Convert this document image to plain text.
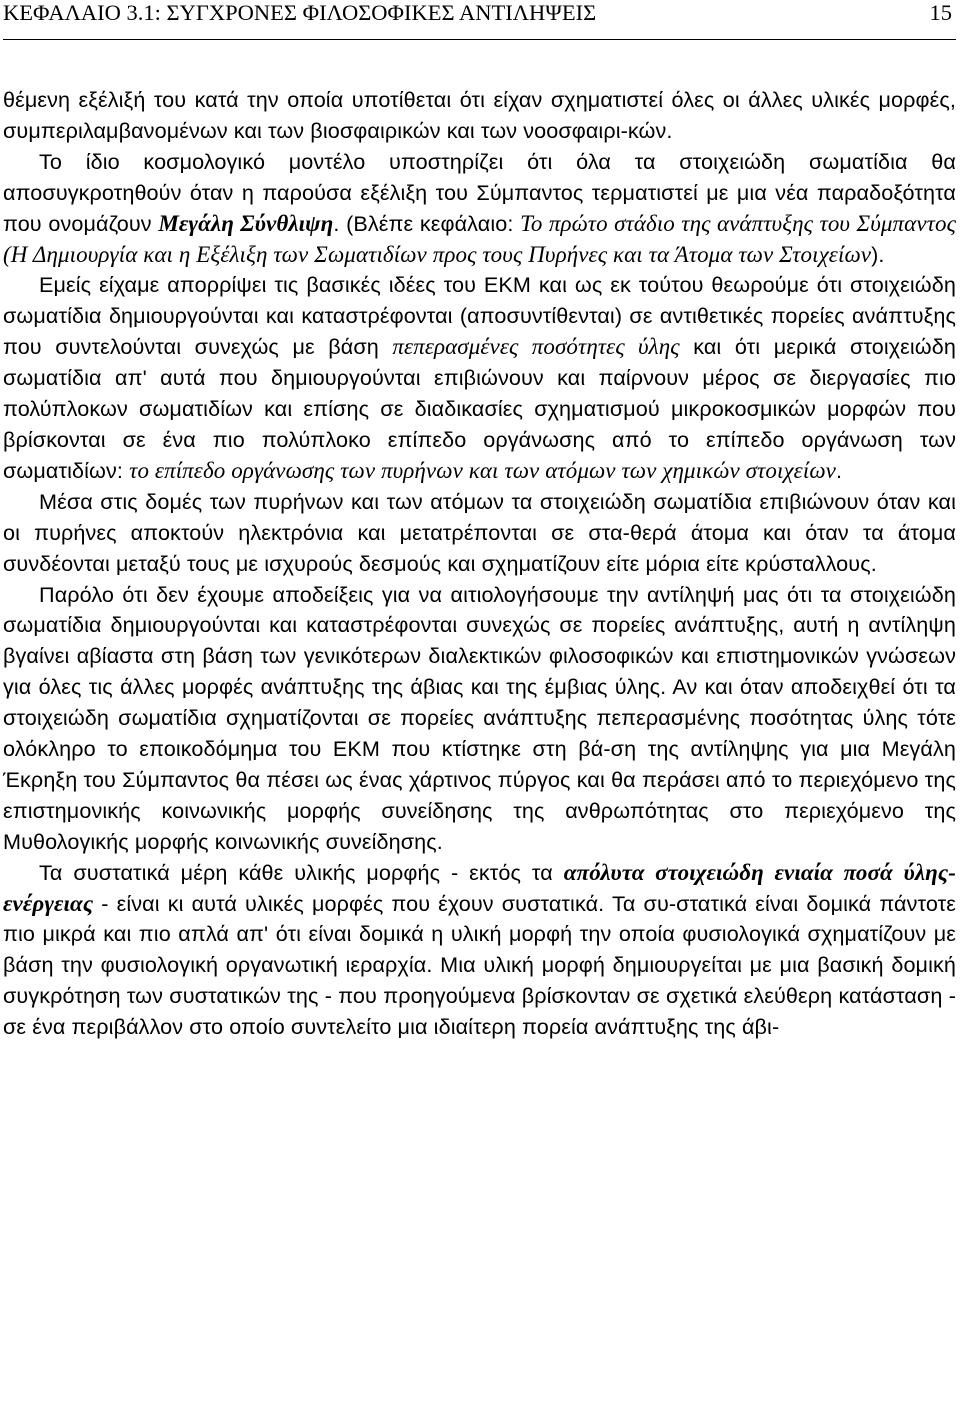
ΚΕΦΑΛΑΙΟ 3.1: ΣΥΓΧΡΟΝΕΣ ΦΙΛΟΣΟΦΙΚΕΣ ΑΝΤΙΛΗΨΕΙΣ	15

θέμενη εξέλιξή του κατά την οποία υποτίθεται ότι είχαν σχηματιστεί όλες οι άλλες υλικές μορφές, συμπεριλαμβανομένων και των βιοσφαιρικών και των νοοσφαιρι-κών.

Το ίδιο κοσμολογικό μοντέλο υποστηρίζει ότι όλα τα στοιχειώδη σωματίδια θα αποσυγκροτηθούν όταν η παρούσα εξέλιξη του Σύμπαντος τερματιστεί με μια νέα παραδοξότητα που ονομάζουν Μεγάλη Σύνθλιψη. (Βλέπε κεφάλαιο: Το πρώτο στάδιο της ανάπτυξης του Σύμπαντος (Η Δημιουργία και η Εξέλιξη των Σωματιδίων προς τους Πυρήνες και τα Άτομα των Στοιχείων).

Εμείς είχαμε απορρίψει τις βασικές ιδέες του ΕΚΜ και ως εκ τούτου θεωρούμε ότι στοιχειώδη σωματίδια δημιουργούνται και καταστρέφονται (αποσυντίθενται) σε αντιθετικές πορείες ανάπτυξης που συντελούνται συνεχώς με βάση πεπερασμένες ποσότητες ύλης και ότι μερικά στοιχειώδη σωματίδια απ' αυτά που δημιουργούνται επιβιώνουν και παίρνουν μέρος σε διεργασίες πιο πολύπλοκων σωματιδίων και επίσης σε διαδικασίες σχηματισμού μικροκοσμικών μορφών που βρίσκονται σε ένα πιο πολύπλοκο επίπεδο οργάνωσης από το επίπεδο οργάνωση των σωματιδίων: το επίπεδο οργάνωσης των πυρήνων και των ατόμων των χημικών στοιχείων.

Μέσα στις δομές των πυρήνων και των ατόμων τα στοιχειώδη σωματίδια επιβιώνουν όταν και οι πυρήνες αποκτούν ηλεκτρόνια και μετατρέπονται σε στα-θερά άτομα και όταν τα άτομα συνδέονται μεταξύ τους με ισχυρούς δεσμούς και σχηματίζουν είτε μόρια είτε κρύσταλλους.

Παρόλο ότι δεν έχουμε αποδείξεις για να αιτιολογήσουμε την αντίληψή μας ότι τα στοιχειώδη σωματίδια δημιουργούνται και καταστρέφονται συνεχώς σε πορείες ανάπτυξης, αυτή η αντίληψη βγαίνει αβίαστα στη βάση των γενικότερων διαλεκτικών φιλοσοφικών και επιστημονικών γνώσεων για όλες τις άλλες μορφές ανάπτυξης της άβιας και της έμβιας ύλης. Αν και όταν αποδειχθεί ότι τα στοιχειώδη σωματίδια σχηματίζονται σε πορείες ανάπτυξης πεπερασμένης ποσότητας ύλης τότε ολόκληρο το εποικοδόμημα του ΕΚΜ που κτίστηκε στη βά-ση της αντίληψης για μια Μεγάλη Έκρηξη του Σύμπαντος θα πέσει ως ένας χάρτινος πύργος και θα περάσει από το περιεχόμενο της επιστημονικής κοινωνικής μορφής συνείδησης της ανθρωπότητας στο περιεχόμενο της Μυθολογικής μορφής κοινωνικής συνείδησης.

Τα συστατικά μέρη κάθε υλικής μορφής - εκτός τα απόλυτα στοιχειώδη ενιαία ποσά ύλης-ενέργειας - είναι κι αυτά υλικές μορφές που έχουν συστατικά. Τα συ-στατικά είναι δομικά πάντοτε πιο μικρά και πιο απλά απ' ότι είναι δομικά η υλική μορφή την οποία φυσιολογικά σχηματίζουν με βάση την φυσιολογική οργανωτική ιεραρχία. Μια υλική μορφή δημιουργείται με μια βασική δομική συγκρότηση των συστατικών της - που προηγούμενα βρίσκονταν σε σχετικά ελεύθερη κατάσταση - σε ένα περιβάλλον στο οποίο συντελείτο μια ιδιαίτερη πορεία ανάπτυξης της άβι-
